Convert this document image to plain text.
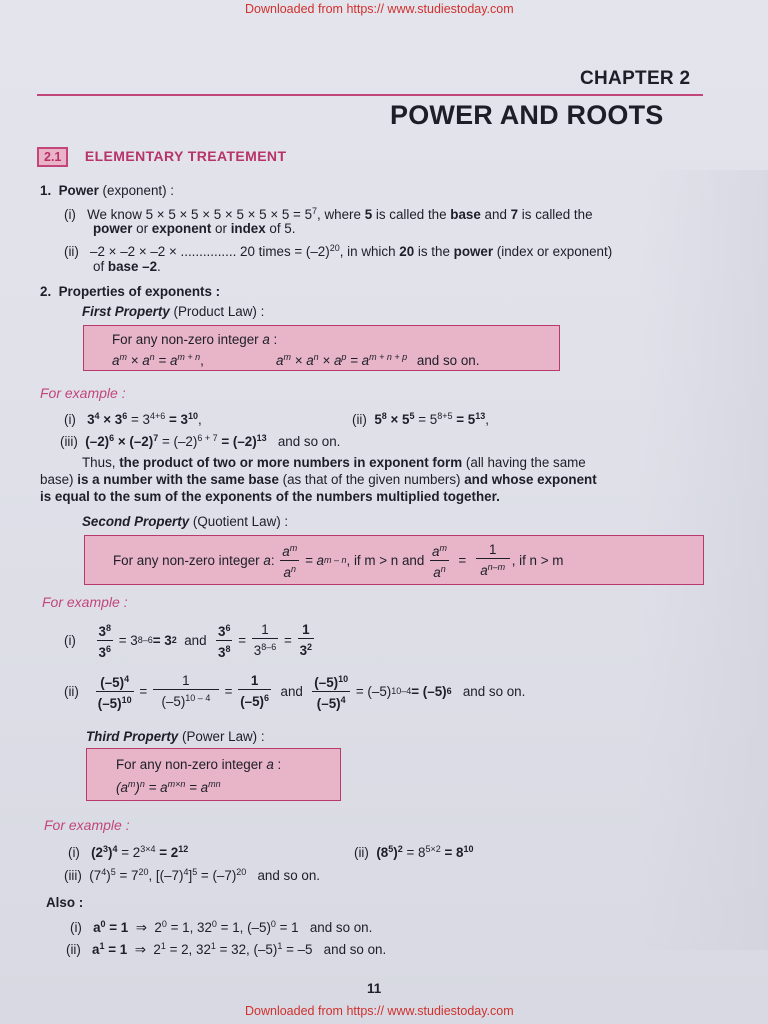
Downloaded from https:// www.studiestoday.com
CHAPTER 2
POWER AND ROOTS
2.1 ELEMENTARY TREATEMENT
1. Power (exponent) :
(i) We know $5 \times 5 \times 5 \times 5 \times 5 \times 5 \times 5 = 5^7$, where 5 is called the base and 7 is called the
power or exponent or index of 5.
(ii) –2 × –2 × –2 × ............... 20 times = $(-2)^{20}$, in which 20 is the power (index or exponent)
of base –2.
2. Properties of exponents :
First Property (Product Law) :
For any non-zero integer a :
$a^m \times a^n = a^{m + n}$,	$a^m \times a^n \times a^p = a^{m + n + p}$ and so on.
For example :
(i) $3^4 \times 3^6 = 3^{4+6} = 3^{10}$,	(ii) $5^8 \times 5^5 = 5^{8+5} = 5^{13}$,
(iii) $(-2)^6 \times (-2)^7 = (-2)^{6 + 7} = (-2)^{13}$ and so on.
Thus, the product of two or more numbers in exponent form (all having the same
base) is a number with the same base (as that of the given numbers) and whose exponent
is equal to the sum of the exponents of the numbers multiplied together.
Second Property (Quotient Law) :
For any non-zero integer
a :
$\frac{a^m}{a^n}$
= a m – n , if m > n and
$\frac{a^m}{a^n}$
=
$\frac{1}{a^{n-m}}$ , if n > m
For example :
(i)
$\frac{3^8}{3^6}$
= 3 8–6 = 3 2
and
$\frac{3^6}{3^8}$
=
$\frac{1}{3^{8-6}}$
=
$\frac{1}{3^2}$
(ii)
$\frac{(-5)^4}{(-5)^{10}}$
=
$\frac{1}{(-5)^{10 - 4}}$
=
$\frac{1}{(-5)^6}$
and
$\frac{(-5)^{10}}{(-5)^4}$
= (–5) 10–4 = (–5) 6
and so on.
Third Property (Power Law) :
For any non-zero integer a :
$(a^m)^n = a^{m\times n} = a^{mn}$
For example :
(i) $(2^3)^4 = 2^{3\times 4} = 2^{12}$	(ii) $(8^5)^2 = 8^{5\times 2} = 8^{10}$
(iii) $(7^4)^5 = 7^{20}$, $[(-7)^4]^5 = (-7)^{20}$ and so on.
Also :
(i) $a^0 = 1$ ⇒ $2^0 = 1$, $32^0 = 1$, $(-5)^0 = 1$ and so on.
(ii) $a^1 = 1$ ⇒ $2^1 = 2$, $32^1 = 32$, $(-5)^1 = -5$ and so on.
11
Downloaded from https:// www.studiestoday.com
